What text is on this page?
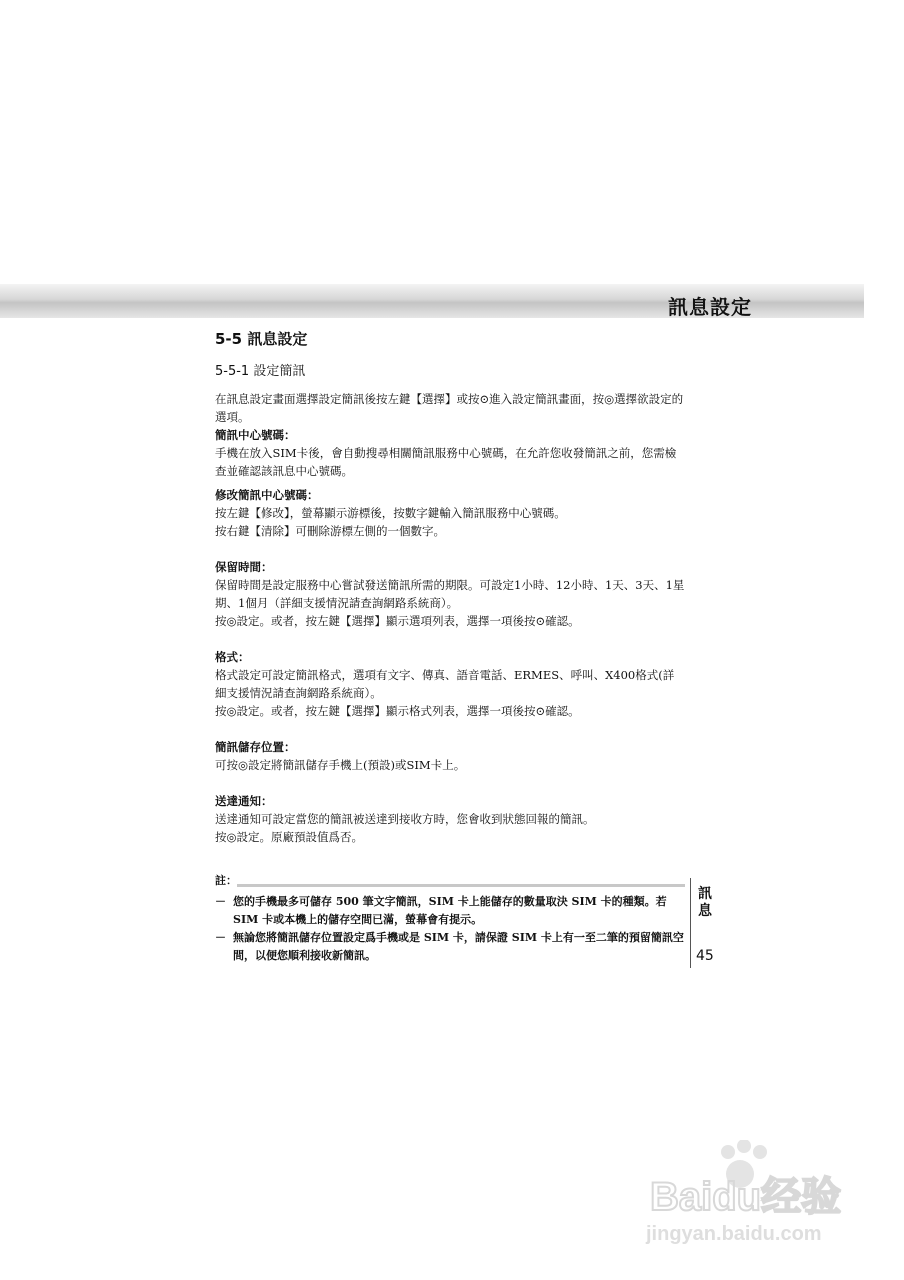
訊息設定
5-5 訊息設定
5-5-1 設定簡訊

在訊息設定畫面選擇設定簡訊後按左鍵【選擇】或按⊙進入設定簡訊畫面，按◎選擇欲設定的選項。

簡訊中心號碼：

手機在放入SIM卡後，會自動搜尋相關簡訊服務中心號碼，在允許您收發簡訊之前，您需檢查並確認該訊息中心號碼。

修改簡訊中心號碼：

按左鍵【修改】，螢幕顯示游標後，按數字鍵輸入簡訊服務中心號碼。

按右鍵【清除】可刪除游標左側的一個數字。

保留時間：

保留時間是設定服務中心嘗試發送簡訊所需的期限。可設定1小時、12小時、1天、3天、1星期、1個月（詳細支援情況請查詢網路系統商）。

按◎設定。或者，按左鍵【選擇】顯示選項列表，選擇一項後按⊙確認。

格式：

格式設定可設定簡訊格式，選項有文字、傳真、語音電話、ERMES、呼叫、X400格式(詳細支援情況請查詢網路系統商）。

按◎設定。或者，按左鍵【選擇】顯示格式列表，選擇一項後按⊙確認。

簡訊儲存位置：

可按◎設定將簡訊儲存手機上(預設)或SIM卡上。

送達通知：

送達通知可設定當您的簡訊被送達到接收方時，您會收到狀態回報的簡訊。

按◎設定。原廠預設值爲否。

註：

－ 您的手機最多可儲存 500 筆文字簡訊，SIM 卡上能儲存的數量取決 SIM 卡的種類。若 SIM 卡或本機上的儲存空間已滿，螢幕會有提示。

－ 無論您將簡訊儲存位置設定爲手機或是 SIM 卡，請保證 SIM 卡上有一至二筆的預留簡訊空間，以便您順利接收新簡訊。

訊息
45
Baidu经验
jingyan.baidu.com
